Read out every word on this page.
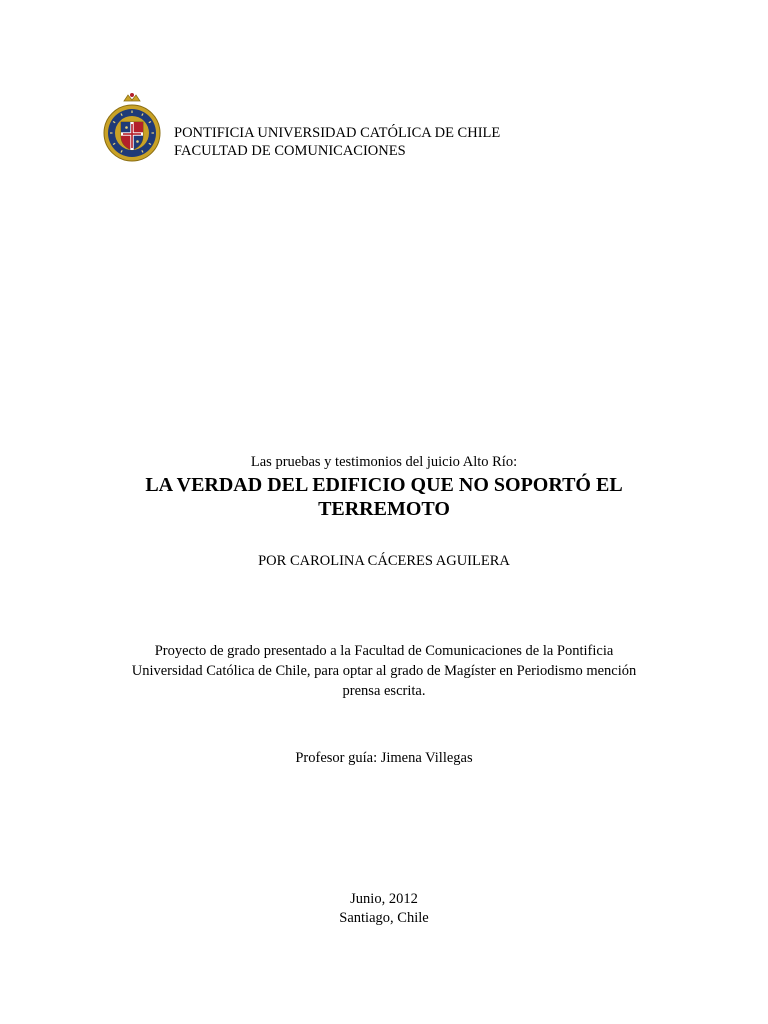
PONTIFICIA UNIVERSIDAD CATÓLICA DE CHILE
FACULTAD DE COMUNICACIONES
Las pruebas y testimonios del juicio Alto Río:
LA VERDAD DEL EDIFICIO QUE NO SOPORTÓ EL
TERREMOTO
POR CAROLINA CÁCERES AGUILERA
Proyecto de grado presentado a la Facultad de Comunicaciones de la Pontificia
Universidad Católica de Chile, para optar al grado de Magíster en Periodismo mención
prensa escrita.
Profesor guía: Jimena Villegas
Junio, 2012
Santiago, Chile
